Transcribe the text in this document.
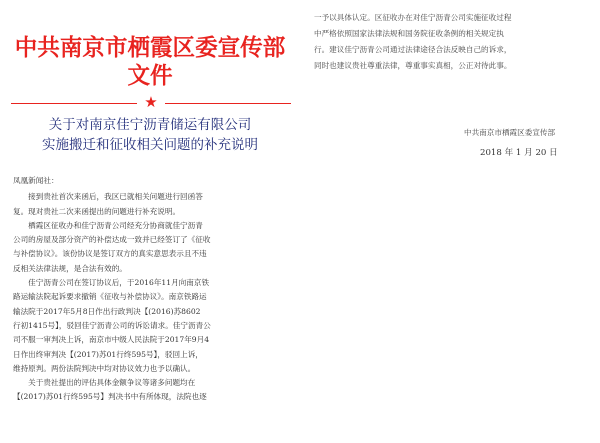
中共南京市栖霞区委宣传部文件
★
关于对南京佳宁沥青储运有限公司
实施搬迁和征收相关问题的补充说明

凤凰新闻社：

　　接到贵社首次来函后，我区已就相关问题进行回函答

复。现对贵社二次来函提出的问题进行补充说明。

　　栖霞区征收办和佳宁沥青公司经充分协商就佳宁沥青

公司的房屋及部分资产的补偿达成一致并已经签订了《征收

与补偿协议》。该份协议是签订双方的真实意思表示且不违

反相关法律法规，是合法有效的。

　　佳宁沥青公司在签订协议后，于2016年11月向南京铁

路运输法院起诉要求撤销《征收与补偿协议》。南京铁路运

输法院于2017年5月8日作出行政判决【(2016)苏8602

行初1415号】，驳回佳宁沥青公司的诉讼请求。佳宁沥青公

司不服一审判决上诉，南京市中级人民法院于2017年9月4

日作出终审判决【(2017)苏01行终595号】，驳回上诉，

维持原判。两份法院判决中均对协议效力也予以确认。

　　关于贵社提出的评估具体金额争议等诸多问题均在

【(2017)苏01行终595号】判决书中有所体现，法院也逐

一予以具体认定。区征收办在对佳宁沥青公司实施征收过程

中严格依照国家法律法规和国务院征收条例的相关规定执

行。建议佳宁沥青公司通过法律途径合法反映自己的诉求，

同时也建议贵社尊重法律，尊重事实真相，公正对待此事。

中共南京市栖霞区委宣传部
2018 年 1 月 20 日
